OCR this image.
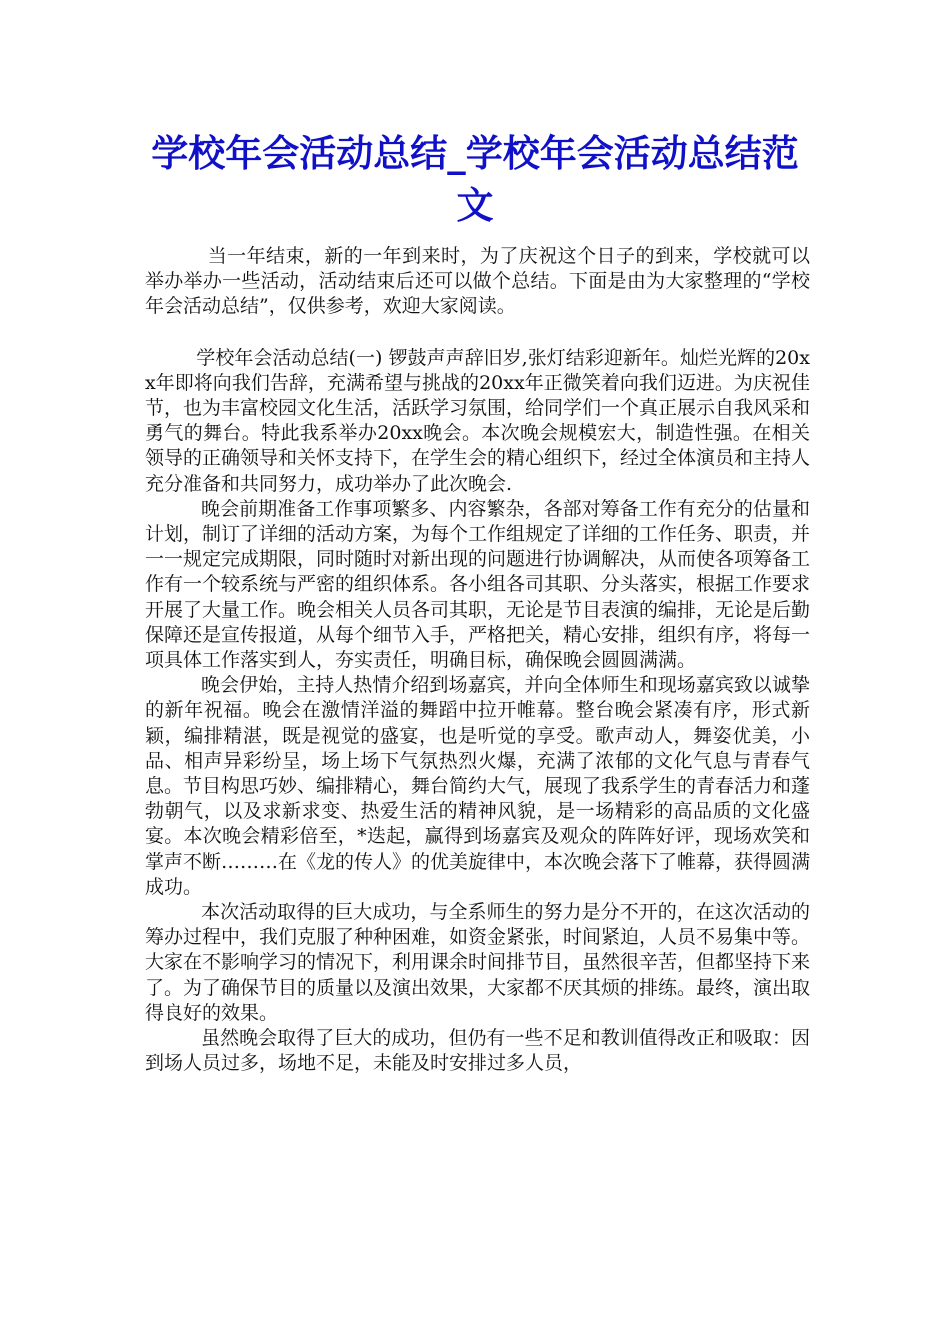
学校年会活动总结_学校年会活动总结范文

当一年结束，新的一年到来时，为了庆祝这个日子的到来，学校就可以举办举办一些活动，活动结束后还可以做个总结。下面是由为大家整理的“学校年会活动总结”，仅供参考，欢迎大家阅读。

学校年会活动总结(一) 锣鼓声声辞旧岁,张灯结彩迎新年。灿烂光辉的20xx年即将向我们告辞，充满希望与挑战的20xx年正微笑着向我们迈进。为庆祝佳节，也为丰富校园文化生活，活跃学习氛围，给同学们一个真正展示自我风采和勇气的舞台。特此我系举办20xx晚会。本次晚会规模宏大，制造性强。在相关领导的正确领导和关怀支持下，在学生会的精心组织下，经过全体演员和主持人充分准备和共同努力，成功举办了此次晚会.

晚会前期准备工作事项繁多、内容繁杂，各部对筹备工作有充分的估量和计划，制订了详细的活动方案，为每个工作组规定了详细的工作任务、职责，并一一规定完成期限，同时随时对新出现的问题进行协调解决，从而使各项筹备工作有一个较系统与严密的组织体系。各小组各司其职、分头落实，根据工作要求开展了大量工作。晚会相关人员各司其职，无论是节目表演的编排，无论是后勤保障还是宣传报道，从每个细节入手，严格把关，精心安排，组织有序，将每一项具体工作落实到人，夯实责任，明确目标，确保晚会圆圆满满。

晚会伊始，主持人热情介绍到场嘉宾，并向全体师生和现场嘉宾致以诚挚的新年祝福。晚会在激情洋溢的舞蹈中拉开帷幕。整台晚会紧凑有序，形式新颖，编排精湛，既是视觉的盛宴，也是听觉的享受。歌声动人，舞姿优美，小品、相声异彩纷呈，场上场下气氛热烈火爆，充满了浓郁的文化气息与青春气息。节目构思巧妙、编排精心，舞台简约大气，展现了我系学生的青春活力和蓬勃朝气，以及求新求变、热爱生活的精神风貌，是一场精彩的高品质的文化盛宴。本次晚会精彩倍至，*迭起，赢得到场嘉宾及观众的阵阵好评，现场欢笑和掌声不断………在《龙的传人》的优美旋律中，本次晚会落下了帷幕，获得圆满成功。

本次活动取得的巨大成功，与全系师生的努力是分不开的，在这次活动的筹办过程中，我们克服了种种困难，如资金紧张，时间紧迫，人员不易集中等。大家在不影响学习的情况下，利用课余时间排节目，虽然很辛苦，但都坚持下来了。为了确保节目的质量以及演出效果，大家都不厌其烦的排练。最终，演出取得良好的效果。

虽然晚会取得了巨大的成功，但仍有一些不足和教训值得改正和吸取：因到场人员过多，场地不足，未能及时安排过多人员，
